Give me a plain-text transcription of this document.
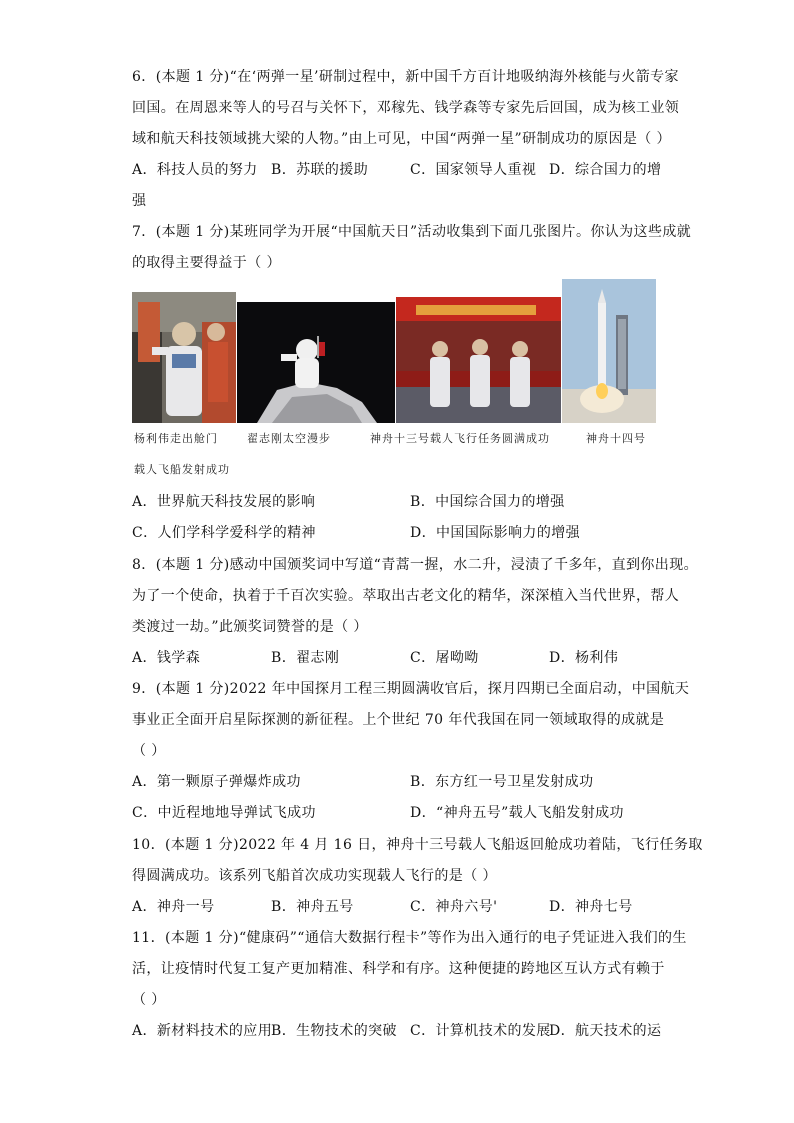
6．(本题 1 分)“在‘两弹一星’研制过程中，新中国千方百计地吸纳海外核能与火箭专家
回国。在周恩来等人的号召与关怀下，邓稼先、钱学森等专家先后回国，成为核工业领
域和航天科技领域挑大梁的人物。”由上可见，中国“两弹一星”研制成功的原因是（ ）
A．科技人员的努力 B．苏联的援助	C．国家领导人重视 D．综合国力的增
强
7．(本题 1 分)某班同学为开展“中国航天日”活动收集到下面几张图片。你认为这些成就
的取得主要得益于（ ）
杨利伟走出舱门	翟志刚太空漫步	神舟十三号载人飞行任务圆满成功	神舟十四号
载人飞船发射成功
A．世界航天科技发展的影响	B．中国综合国力的增强
C．人们学科学爱科学的精神	D．中国国际影响力的增强
8．(本题 1 分)感动中国颁奖词中写道“青蒿一握，水二升，浸渍了千多年，直到你出现。
为了一个使命，执着于千百次实验。萃取出古老文化的精华，深深植入当代世界，帮人
类渡过一劫。”此颁奖词赞誉的是（ ）
A．钱学森	B．翟志刚	C．屠呦呦	D．杨利伟
9．(本题 1 分)2022 年中国探月工程三期圆满收官后，探月四期已全面启动，中国航天
事业正全面开启星际探测的新征程。上个世纪 70 年代我国在同一领域取得的成就是
（ ）
A．第一颗原子弹爆炸成功	B．东方红一号卫星发射成功
C．中近程地地导弹试飞成功	D．“神舟五号”载人飞船发射成功
10．(本题 1 分)2022 年 4 月 16 日，神舟十三号载人飞船返回舱成功着陆，飞行任务取
得圆满成功。该系列飞船首次成功实现载人飞行的是（ ）
A．神舟一号	B．神舟五号	C．神舟六号'	D．神舟七号
11．(本题 1 分)“健康码”“通信大数据行程卡”等作为出入通行的电子凭证进入我们的生
活，让疫情时代复工复产更加精准、科学和有序。这种便捷的跨地区互认方式有赖于
（ ）
A．新材料技术的应用
B．生物技术的突破 C．计算机技术的发展
D．航天技术的运
